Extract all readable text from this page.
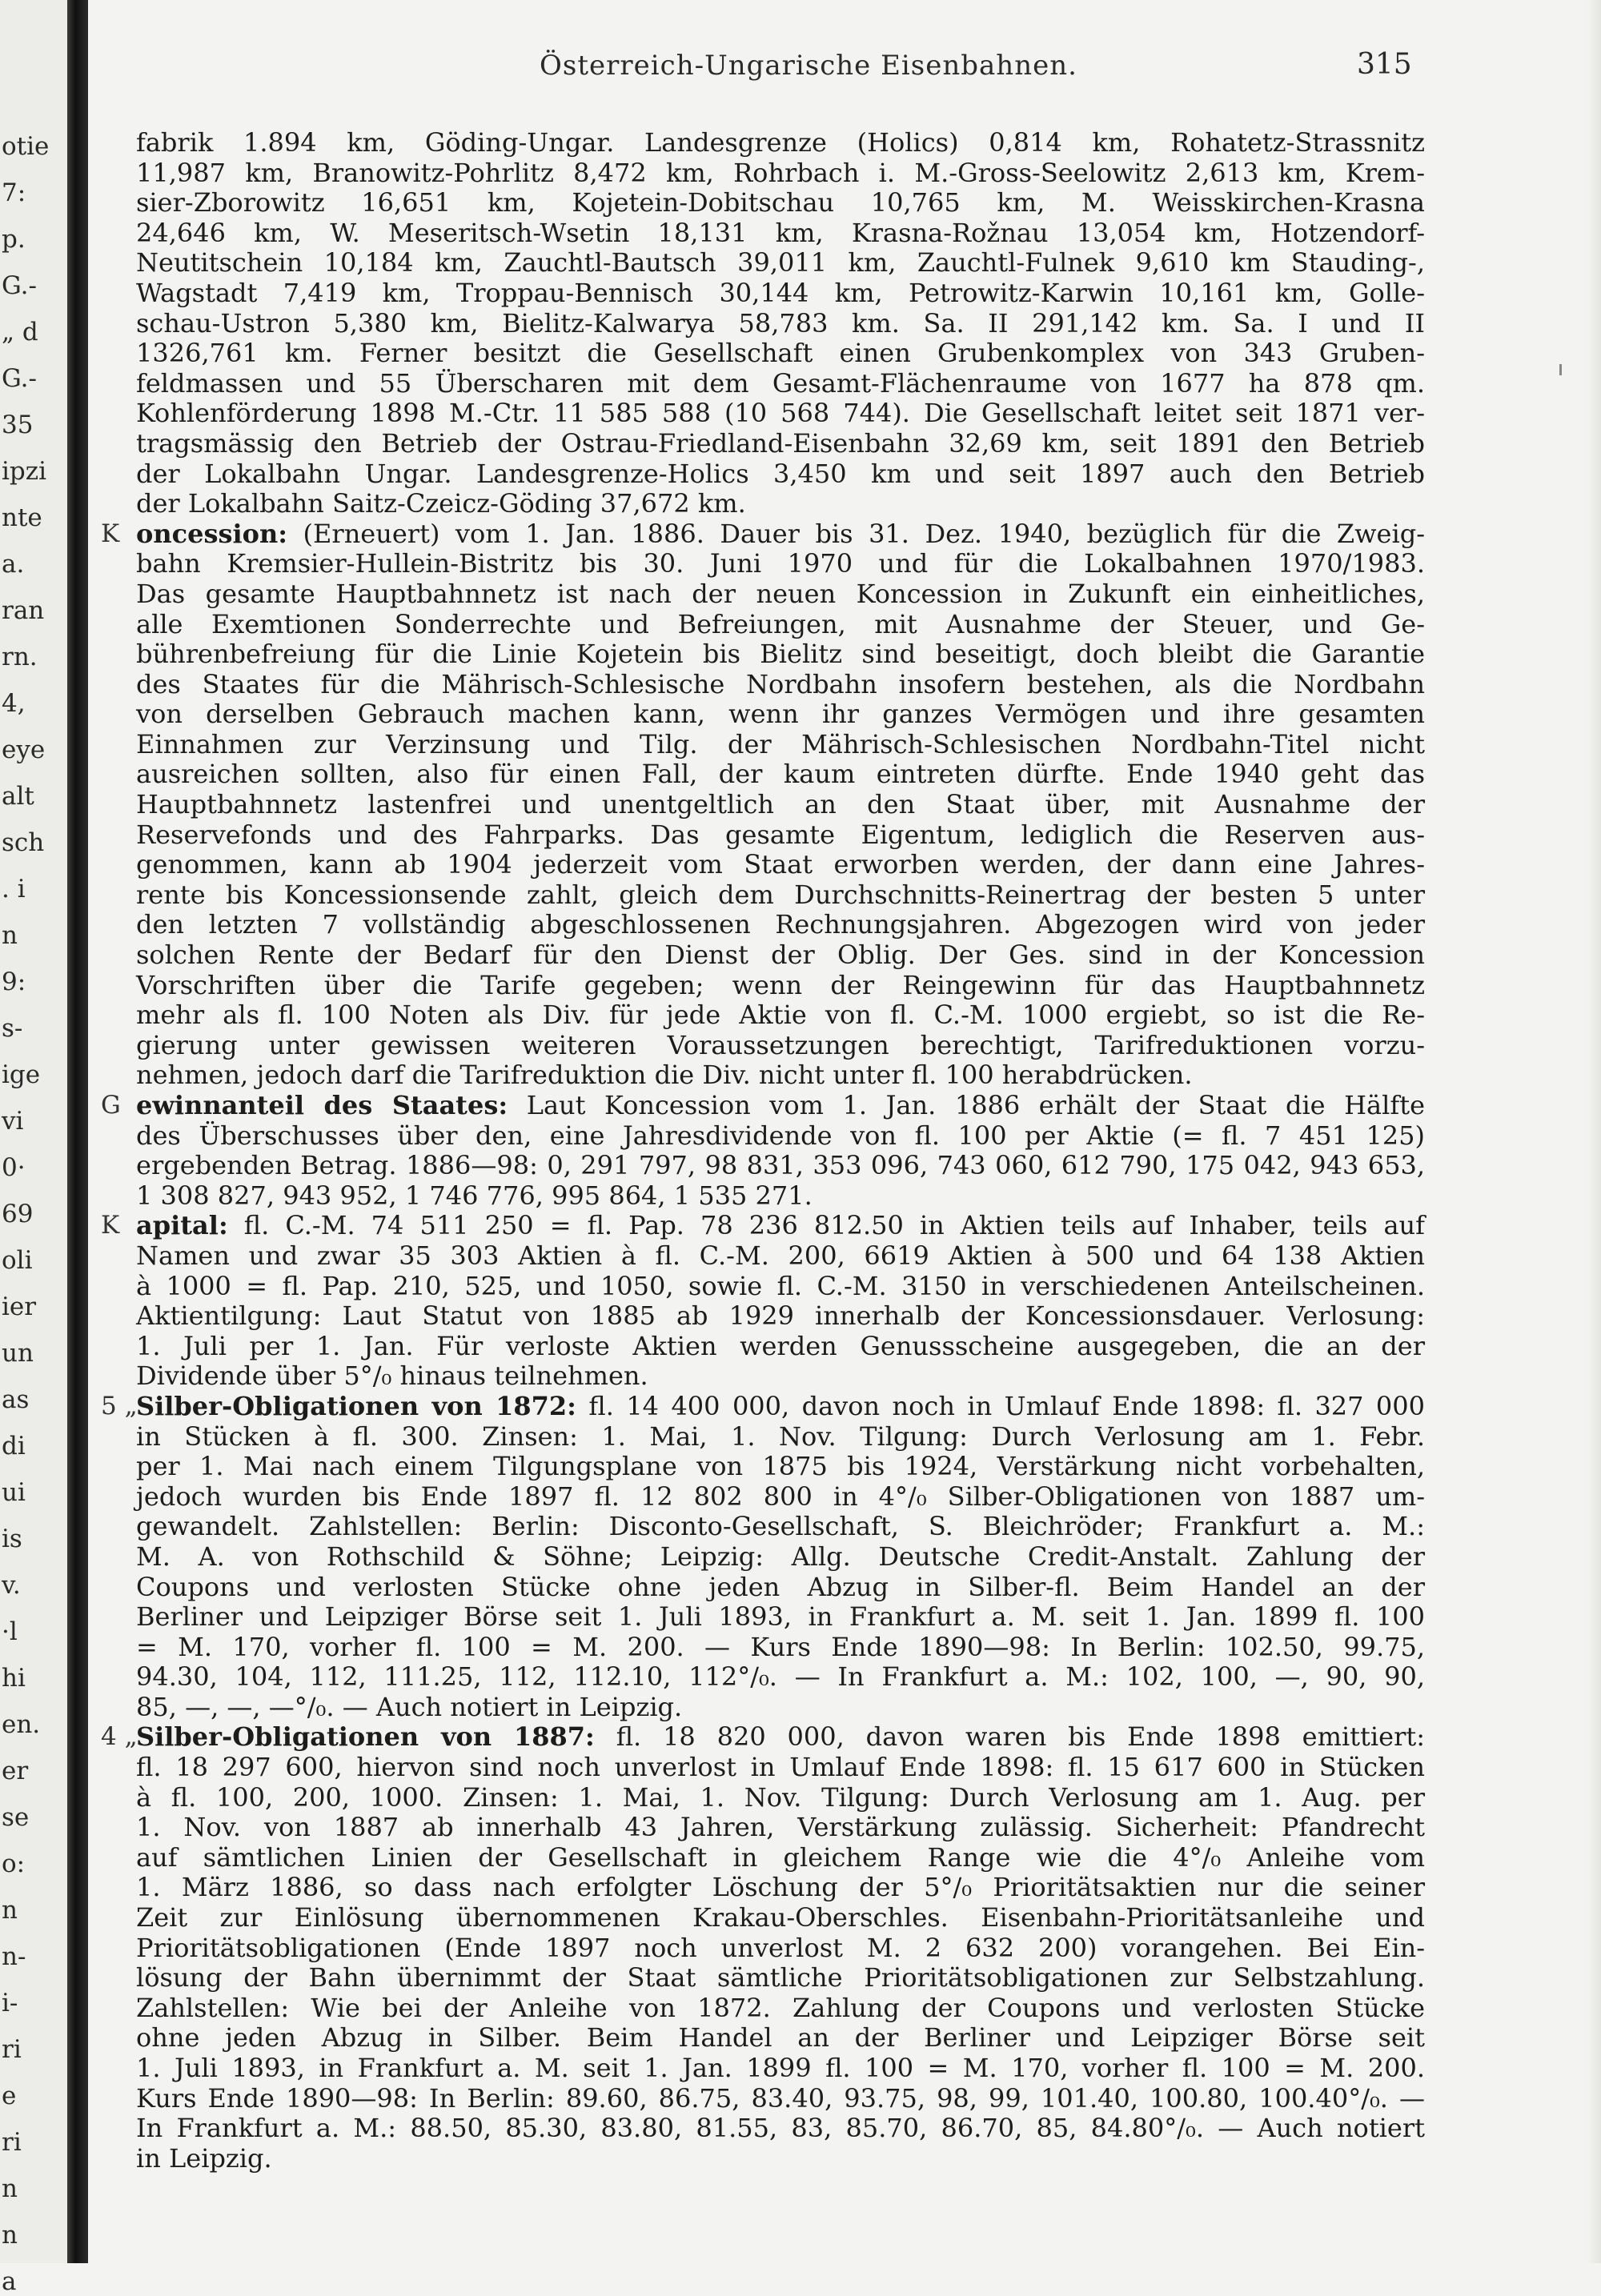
otie
7:
p.
G.-
„ d
G.-
35
ipzi
nte
a.
ran
rn.
4,
eye
alt
sch
. i
n
9:
s-
ige
vi
0·
69
oli
ier
un
as
di
ui
is
v.
·l
hi
en.
er
se
o:
n
n-
i-
ri
e
ri
n
n
a
Österreich-Ungarische Eisenbahnen.	315
fabrik 1.894 km, Göding-Ungar. Landesgrenze (Holics) 0,814 km, Rohatetz-Strassnitz
11,987 km, Branowitz-Pohrlitz 8,472 km, Rohrbach i. M.-Gross-Seelowitz 2,613 km, Krem-
sier-Zborowitz 16,651 km, Kojetein-Dobitschau 10,765 km, M. Weisskirchen-Krasna
24,646 km, W. Meseritsch-Wsetin 18,131 km, Krasna-Rožnau 13,054 km, Hotzendorf-
Neutitschein 10,184 km, Zauchtl-Bautsch 39,011 km, Zauchtl-Fulnek 9,610 km Stauding-,
Wagstadt 7,419 km, Troppau-Bennisch 30,144 km, Petrowitz-Karwin 10,161 km, Golle-
schau-Ustron 5,380 km, Bielitz-Kalwarya 58,783 km. Sa. II 291,142 km. Sa. I und II
1326,761 km. Ferner besitzt die Gesellschaft einen Grubenkomplex von 343 Gruben-
feldmassen und 55 Überscharen mit dem Gesamt-Flächenraume von 1677 ha 878 qm.
Kohlenförderung 1898 M.-Ctr. 11 585 588 (10 568 744). Die Gesellschaft leitet seit 1871 ver-
tragsmässig den Betrieb der Ostrau-Friedland-Eisenbahn 32,69 km, seit 1891 den Betrieb
der Lokalbahn Ungar. Landesgrenze-Holics 3,450 km und seit 1897 auch den Betrieb
der Lokalbahn Saitz-Czeicz-Göding 37,672 km.
K oncession: (Erneuert) vom 1. Jan. 1886. Dauer bis 31. Dez. 1940, bezüglich für die Zweig-
bahn Kremsier-Hullein-Bistritz bis 30. Juni 1970 und für die Lokalbahnen 1970/1983.
Das gesamte Hauptbahnnetz ist nach der neuen Koncession in Zukunft ein einheitliches,
alle Exemtionen Sonderrechte und Befreiungen, mit Ausnahme der Steuer, und Ge-
bührenbefreiung für die Linie Kojetein bis Bielitz sind beseitigt, doch bleibt die Garantie
des Staates für die Mährisch-Schlesische Nordbahn insofern bestehen, als die Nordbahn
von derselben Gebrauch machen kann, wenn ihr ganzes Vermögen und ihre gesamten
Einnahmen zur Verzinsung und Tilg. der Mährisch-Schlesischen Nordbahn-Titel nicht
ausreichen sollten, also für einen Fall, der kaum eintreten dürfte. Ende 1940 geht das
Hauptbahnnetz lastenfrei und unentgeltlich an den Staat über, mit Ausnahme der
Reservefonds und des Fahrparks. Das gesamte Eigentum, lediglich die Reserven aus-
genommen, kann ab 1904 jederzeit vom Staat erworben werden, der dann eine Jahres-
rente bis Koncessionsende zahlt, gleich dem Durchschnitts-Reinertrag der besten 5 unter
den letzten 7 vollständig abgeschlossenen Rechnungsjahren. Abgezogen wird von jeder
solchen Rente der Bedarf für den Dienst der Oblig. Der Ges. sind in der Koncession
Vorschriften über die Tarife gegeben; wenn der Reingewinn für das Hauptbahnnetz
mehr als fl. 100 Noten als Div. für jede Aktie von fl. C.-M. 1000 ergiebt, so ist die Re-
gierung unter gewissen weiteren Voraussetzungen berechtigt, Tarifreduktionen vorzu-
nehmen, jedoch darf die Tarifreduktion die Div. nicht unter fl. 100 herabdrücken.
G ewinnanteil des Staates: Laut Koncession vom 1. Jan. 1886 erhält der Staat die Hälfte
des Überschusses über den, eine Jahresdividende von fl. 100 per Aktie (= fl. 7 451 125)
ergebenden Betrag. 1886—98: 0, 291 797, 98 831, 353 096, 743 060, 612 790, 175 042, 943 653,
1 308 827, 943 952, 1 746 776, 995 864, 1 535 271.
K apital: fl. C.-M. 74 511 250 = fl. Pap. 78 236 812.50 in Aktien teils auf Inhaber, teils auf
Namen und zwar 35 303 Aktien à fl. C.-M. 200, 6619 Aktien à 500 und 64 138 Aktien
à 1000 = fl. Pap. 210, 525, und 1050, sowie fl. C.-M. 3150 in verschiedenen Anteilscheinen.
Aktientilgung: Laut Statut von 1885 ab 1929 innerhalb der Koncessionsdauer. Verlosung:
1. Juli per 1. Jan. Für verloste Aktien werden Genussscheine ausgegeben, die an der
Dividende über 5°/₀ hinaus teilnehmen.
5 „
Silber-Obligationen von 1872: fl. 14 400 000, davon noch in Umlauf Ende 1898: fl. 327 000
in Stücken à fl. 300. Zinsen: 1. Mai, 1. Nov. Tilgung: Durch Verlosung am 1. Febr.
per 1. Mai nach einem Tilgungsplane von 1875 bis 1924, Verstärkung nicht vorbehalten,
jedoch wurden bis Ende 1897 fl. 12 802 800 in 4°/₀ Silber-Obligationen von 1887 um-
gewandelt. Zahlstellen: Berlin: Disconto-Gesellschaft, S. Bleichröder; Frankfurt a. M.:
M. A. von Rothschild & Söhne; Leipzig: Allg. Deutsche Credit-Anstalt. Zahlung der
Coupons und verlosten Stücke ohne jeden Abzug in Silber-fl. Beim Handel an der
Berliner und Leipziger Börse seit 1. Juli 1893, in Frankfurt a. M. seit 1. Jan. 1899 fl. 100
= M. 170, vorher fl. 100 = M. 200. — Kurs Ende 1890—98: In Berlin: 102.50, 99.75,
94.30, 104, 112, 111.25, 112, 112.10, 112°/₀. — In Frankfurt a. M.: 102, 100, —, 90, 90,
85, —, —, —°/₀. — Auch notiert in Leipzig.
4 „
Silber-Obligationen von 1887: fl. 18 820 000, davon waren bis Ende 1898 emittiert:
fl. 18 297 600, hiervon sind noch unverlost in Umlauf Ende 1898: fl. 15 617 600 in Stücken
à fl. 100, 200, 1000. Zinsen: 1. Mai, 1. Nov. Tilgung: Durch Verlosung am 1. Aug. per
1. Nov. von 1887 ab innerhalb 43 Jahren, Verstärkung zulässig. Sicherheit: Pfandrecht
auf sämtlichen Linien der Gesellschaft in gleichem Range wie die 4°/₀ Anleihe vom
1. März 1886, so dass nach erfolgter Löschung der 5°/₀ Prioritätsaktien nur die seiner
Zeit zur Einlösung übernommenen Krakau-Oberschles. Eisenbahn-Prioritätsanleihe und
Prioritätsobligationen (Ende 1897 noch unverlost M. 2 632 200) vorangehen. Bei Ein-
lösung der Bahn übernimmt der Staat sämtliche Prioritätsobligationen zur Selbstzahlung.
Zahlstellen: Wie bei der Anleihe von 1872. Zahlung der Coupons und verlosten Stücke
ohne jeden Abzug in Silber. Beim Handel an der Berliner und Leipziger Börse seit
1. Juli 1893, in Frankfurt a. M. seit 1. Jan. 1899 fl. 100 = M. 170, vorher fl. 100 = M. 200.
Kurs Ende 1890—98: In Berlin: 89.60, 86.75, 83.40, 93.75, 98, 99, 101.40, 100.80, 100.40°/₀. —
In Frankfurt a. M.: 88.50, 85.30, 83.80, 81.55, 83, 85.70, 86.70, 85, 84.80°/₀. — Auch notiert
in Leipzig.
